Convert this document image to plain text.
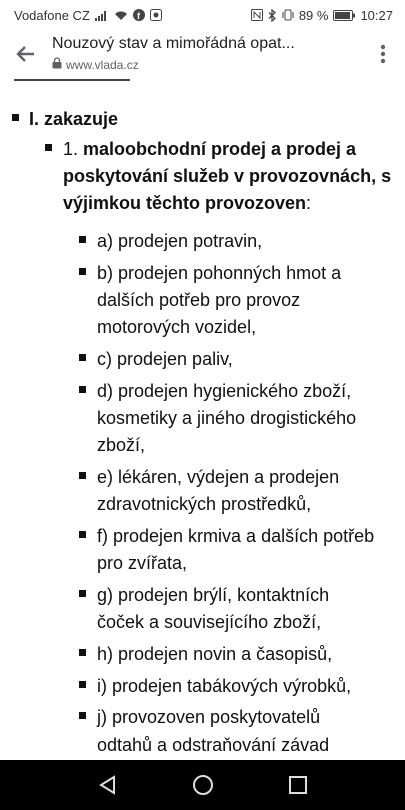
Vodafone CZ	f	89 % 10:27
Nouzový stav a mimořádná opat...
www.vlada.cz
I. zakazuje
1. maloobchodní prodej a prodej a
poskytování služeb v provozovnách, s
výjimkou těchto provozoven:
a) prodejen potravin,
b) prodejen pohonných hmot a
dalších potřeb pro provoz
motorových vozidel,
c) prodejen paliv,
d) prodejen hygienického zboží,
kosmetiky a jiného drogistického
zboží,
e) lékáren, výdejen a prodejen
zdravotnických prostředků,
f) prodejen krmiva a dalších potřeb
pro zvířata,
g) prodejen brýlí, kontaktních
čoček a souvisejícího zboží,
h) prodejen novin a časopisů,
i) prodejen tabákových výrobků,
j) provozoven poskytovatelů
odtahů a odstraňování závad
